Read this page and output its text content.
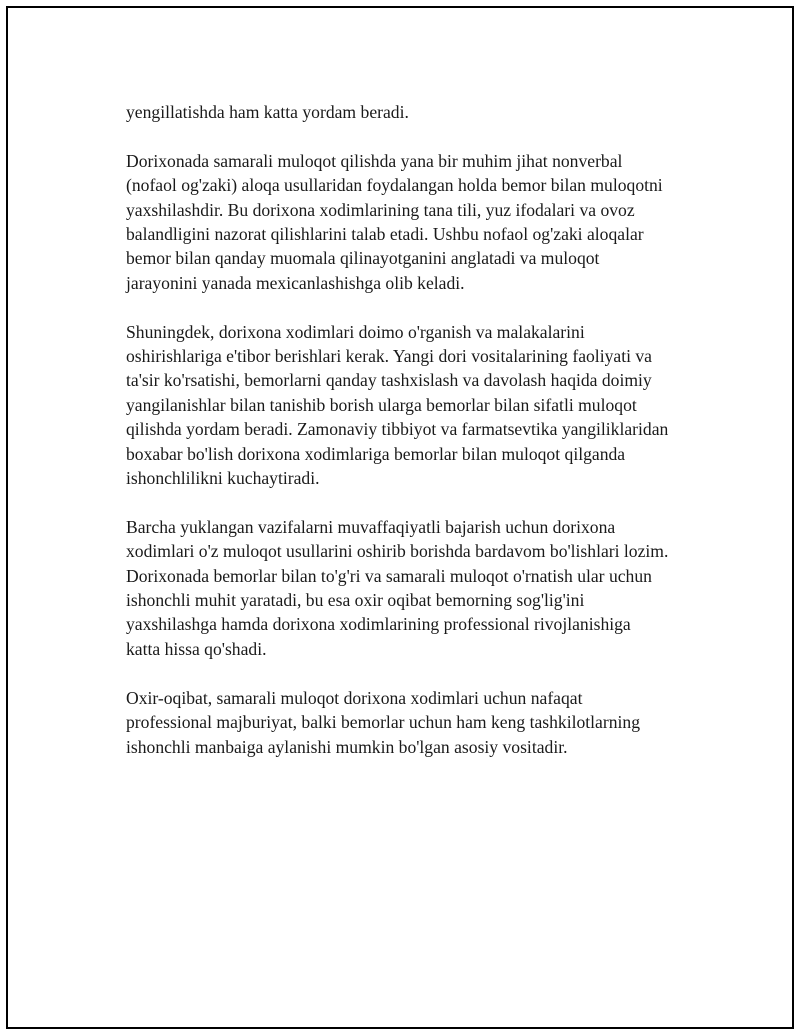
yengillatishda ham katta yordam beradi.

Dorixonada samarali muloqot qilishda yana bir muhim jihat nonverbal
(nofaol og'zaki) aloqa usullaridan foydalangan holda bemor bilan muloqotni
yaxshilashdir. Bu dorixona xodimlarining tana tili, yuz ifodalari va ovoz
balandligini nazorat qilishlarini talab etadi. Ushbu nofaol og'zaki aloqalar
bemor bilan qanday muomala qilinayotganini anglatadi va muloqot
jarayonini yanada mexicanlashishga olib keladi.

Shuningdek, dorixona xodimlari doimo o'rganish va malakalarini
oshirishlariga e'tibor berishlari kerak. Yangi dori vositalarining faoliyati va
ta'sir ko'rsatishi, bemorlarni qanday tashxislash va davolash haqida doimiy
yangilanishlar bilan tanishib borish ularga bemorlar bilan sifatli muloqot
qilishda yordam beradi. Zamonaviy tibbiyot va farmatsevtika yangiliklaridan
boxabar bo'lish dorixona xodimlariga bemorlar bilan muloqot qilganda
ishonchlilikni kuchaytiradi.

Barcha yuklangan vazifalarni muvaffaqiyatli bajarish uchun dorixona
xodimlari o'z muloqot usullarini oshirib borishda bardavom bo'lishlari lozim.
Dorixonada bemorlar bilan to'g'ri va samarali muloqot o'rnatish ular uchun
ishonchli muhit yaratadi, bu esa oxir oqibat bemorning sog'lig'ini
yaxshilashga hamda dorixona xodimlarining professional rivojlanishiga
katta hissa qo'shadi.

Oxir-oqibat, samarali muloqot dorixona xodimlari uchun nafaqat
professional majburiyat, balki bemorlar uchun ham keng tashkilotlarning
ishonchli manbaiga aylanishi mumkin bo'lgan asosiy vositadir.
